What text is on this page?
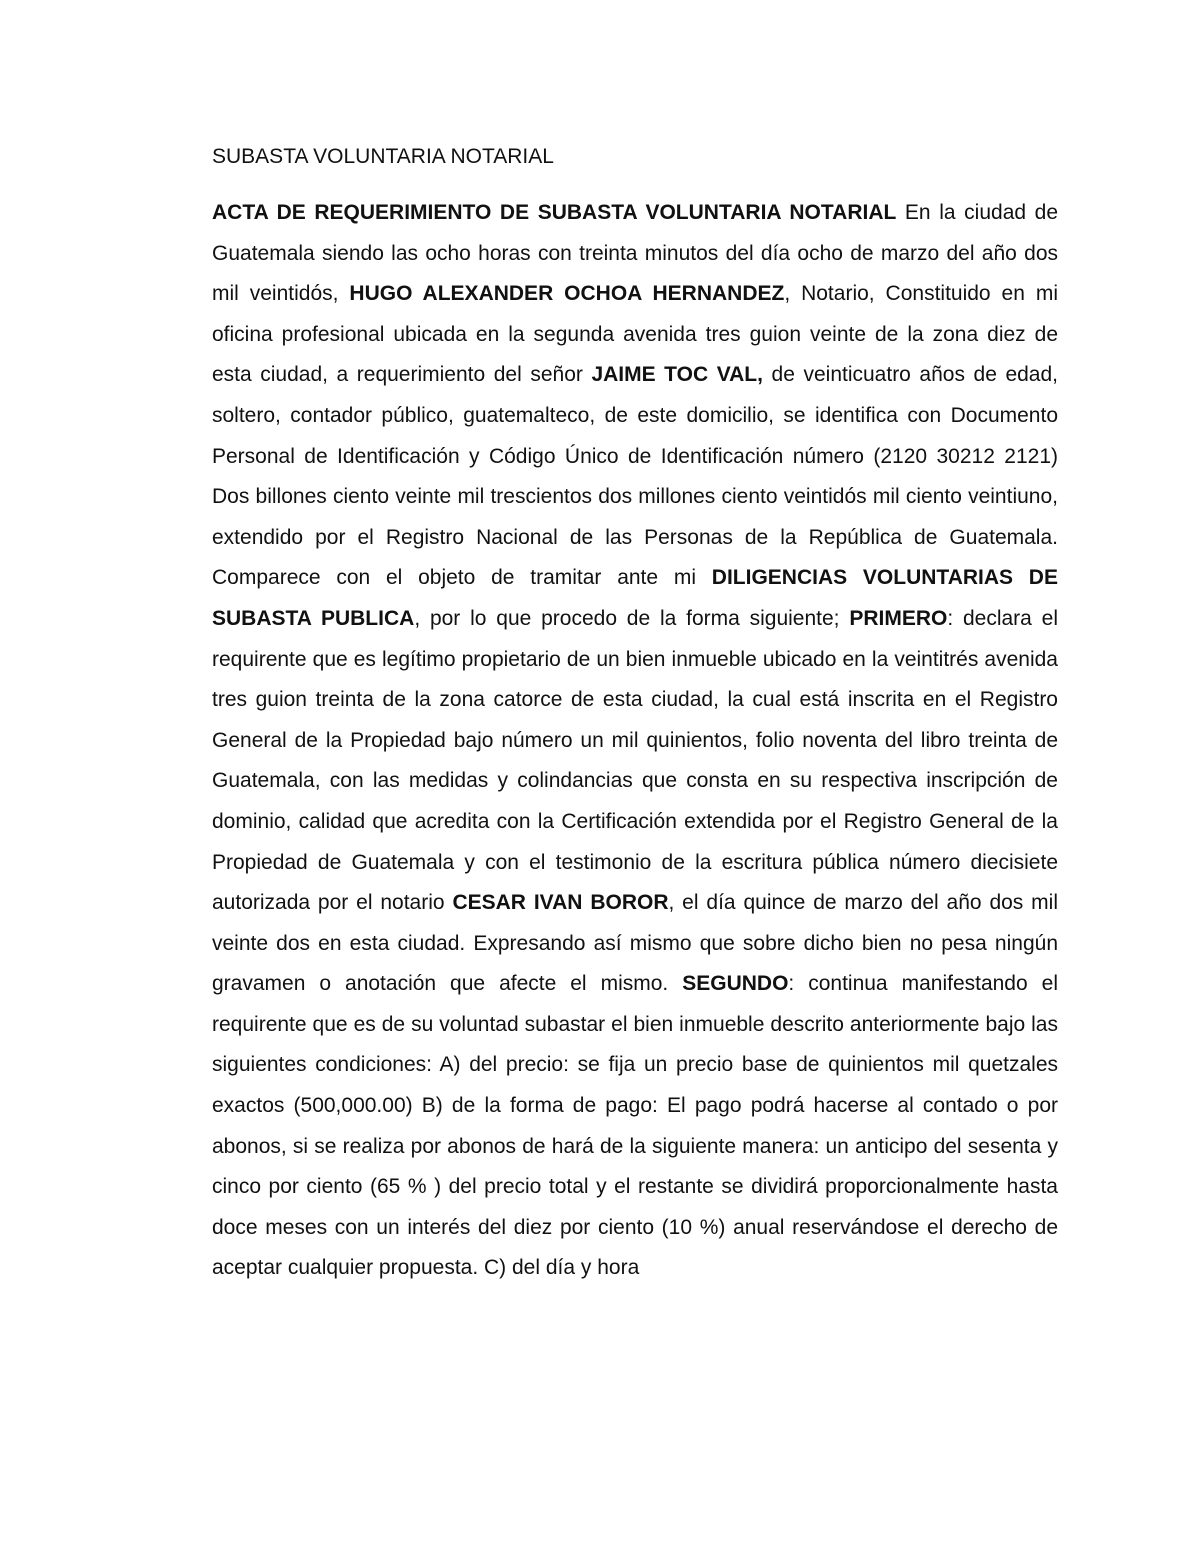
SUBASTA VOLUNTARIA NOTARIAL

ACTA DE REQUERIMIENTO DE SUBASTA VOLUNTARIA NOTARIAL En la ciudad de Guatemala siendo las ocho horas con treinta minutos del día ocho de marzo del año dos mil veintidós, HUGO ALEXANDER OCHOA HERNANDEZ, Notario, Constituido en mi oficina profesional ubicada en la segunda avenida tres guion veinte de la zona diez de esta ciudad, a requerimiento del señor JAIME TOC VAL, de veinticuatro años de edad, soltero, contador público, guatemalteco, de este domicilio, se identifica con Documento Personal de Identificación y Código Único de Identificación número (2120 30212 2121) Dos billones ciento veinte mil trescientos dos millones ciento veintidós mil ciento veintiuno, extendido por el Registro Nacional de las Personas de la República de Guatemala. Comparece con el objeto de tramitar ante mi DILIGENCIAS VOLUNTARIAS DE SUBASTA PUBLICA, por lo que procedo de la forma siguiente; PRIMERO: declara el requirente que es legítimo propietario de un bien inmueble ubicado en la veintitrés avenida tres guion treinta de la zona catorce de esta ciudad, la cual está inscrita en el Registro General de la Propiedad bajo número un mil quinientos, folio noventa del libro treinta de Guatemala, con las medidas y colindancias que consta en su respectiva inscripción de dominio, calidad que acredita con la Certificación extendida por el Registro General de la Propiedad de Guatemala y con el testimonio de la escritura pública número diecisiete autorizada por el notario CESAR IVAN BOROR, el día quince de marzo del año dos mil veinte dos en esta ciudad. Expresando así mismo que sobre dicho bien no pesa ningún gravamen o anotación que afecte el mismo. SEGUNDO: continua manifestando el requirente que es de su voluntad subastar el bien inmueble descrito anteriormente bajo las siguientes condiciones: A) del precio: se fija un precio base de quinientos mil quetzales exactos (500,000.00) B) de la forma de pago: El pago podrá hacerse al contado o por abonos, si se realiza por abonos de hará de la siguiente manera: un anticipo del sesenta y cinco por ciento (65 % ) del precio total y el restante se dividirá proporcionalmente hasta doce meses con un interés del diez por ciento (10 %) anual reservándose el derecho de aceptar cualquier propuesta. C) del día y hora
